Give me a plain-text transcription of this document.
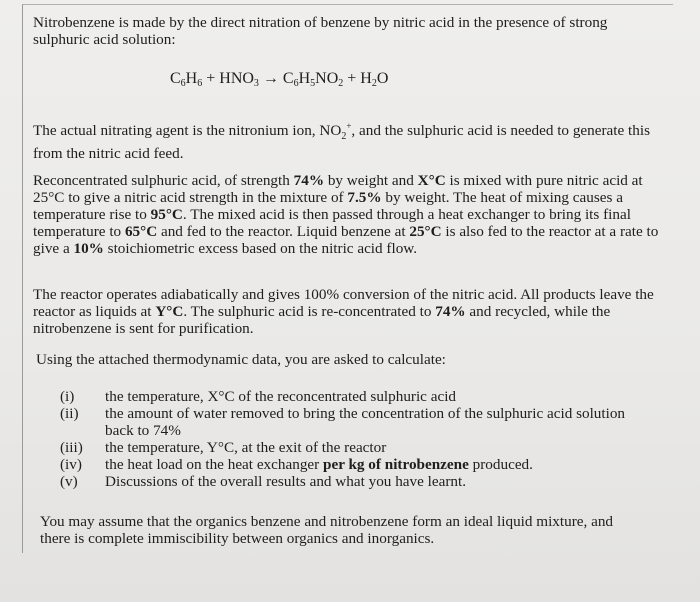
Nitrobenzene is made by the direct nitration of benzene by nitric acid in the presence of strong sulphuric acid solution:

$C_6H_6 + HNO_3 \to C_6H_5NO_2 + H_2O$

The actual nitrating agent is the nitronium ion, $NO_2^+$, and the sulphuric acid is needed to generate this from the nitric acid feed.

Reconcentrated sulphuric acid, of strength 74% by weight and X°C is mixed with pure nitric acid at 25°C to give a nitric acid strength in the mixture of 7.5% by weight. The heat of mixing causes a temperature rise to 95°C. The mixed acid is then passed through a heat exchanger to bring its final temperature to 65°C and fed to the reactor. Liquid benzene at 25°C is also fed to the reactor at a rate to give a 10% stoichiometric excess based on the nitric acid flow.

The reactor operates adiabatically and gives 100% conversion of the nitric acid. All products leave the reactor as liquids at Y°C. The sulphuric acid is re-concentrated to 74% and recycled, while the nitrobenzene is sent for purification.

Using the attached thermodynamic data, you are asked to calculate:

(i) the temperature, X°C of the reconcentrated sulphuric acid
(ii) the amount of water removed to bring the concentration of the sulphuric acid solution back to 74%
(iii) the temperature, Y°C, at the exit of the reactor
(iv) the heat load on the heat exchanger per kg of nitrobenzene produced.
(v) Discussions of the overall results and what you have learnt.

You may assume that the organics benzene and nitrobenzene form an ideal liquid mixture, and there is complete immiscibility between organics and inorganics.
